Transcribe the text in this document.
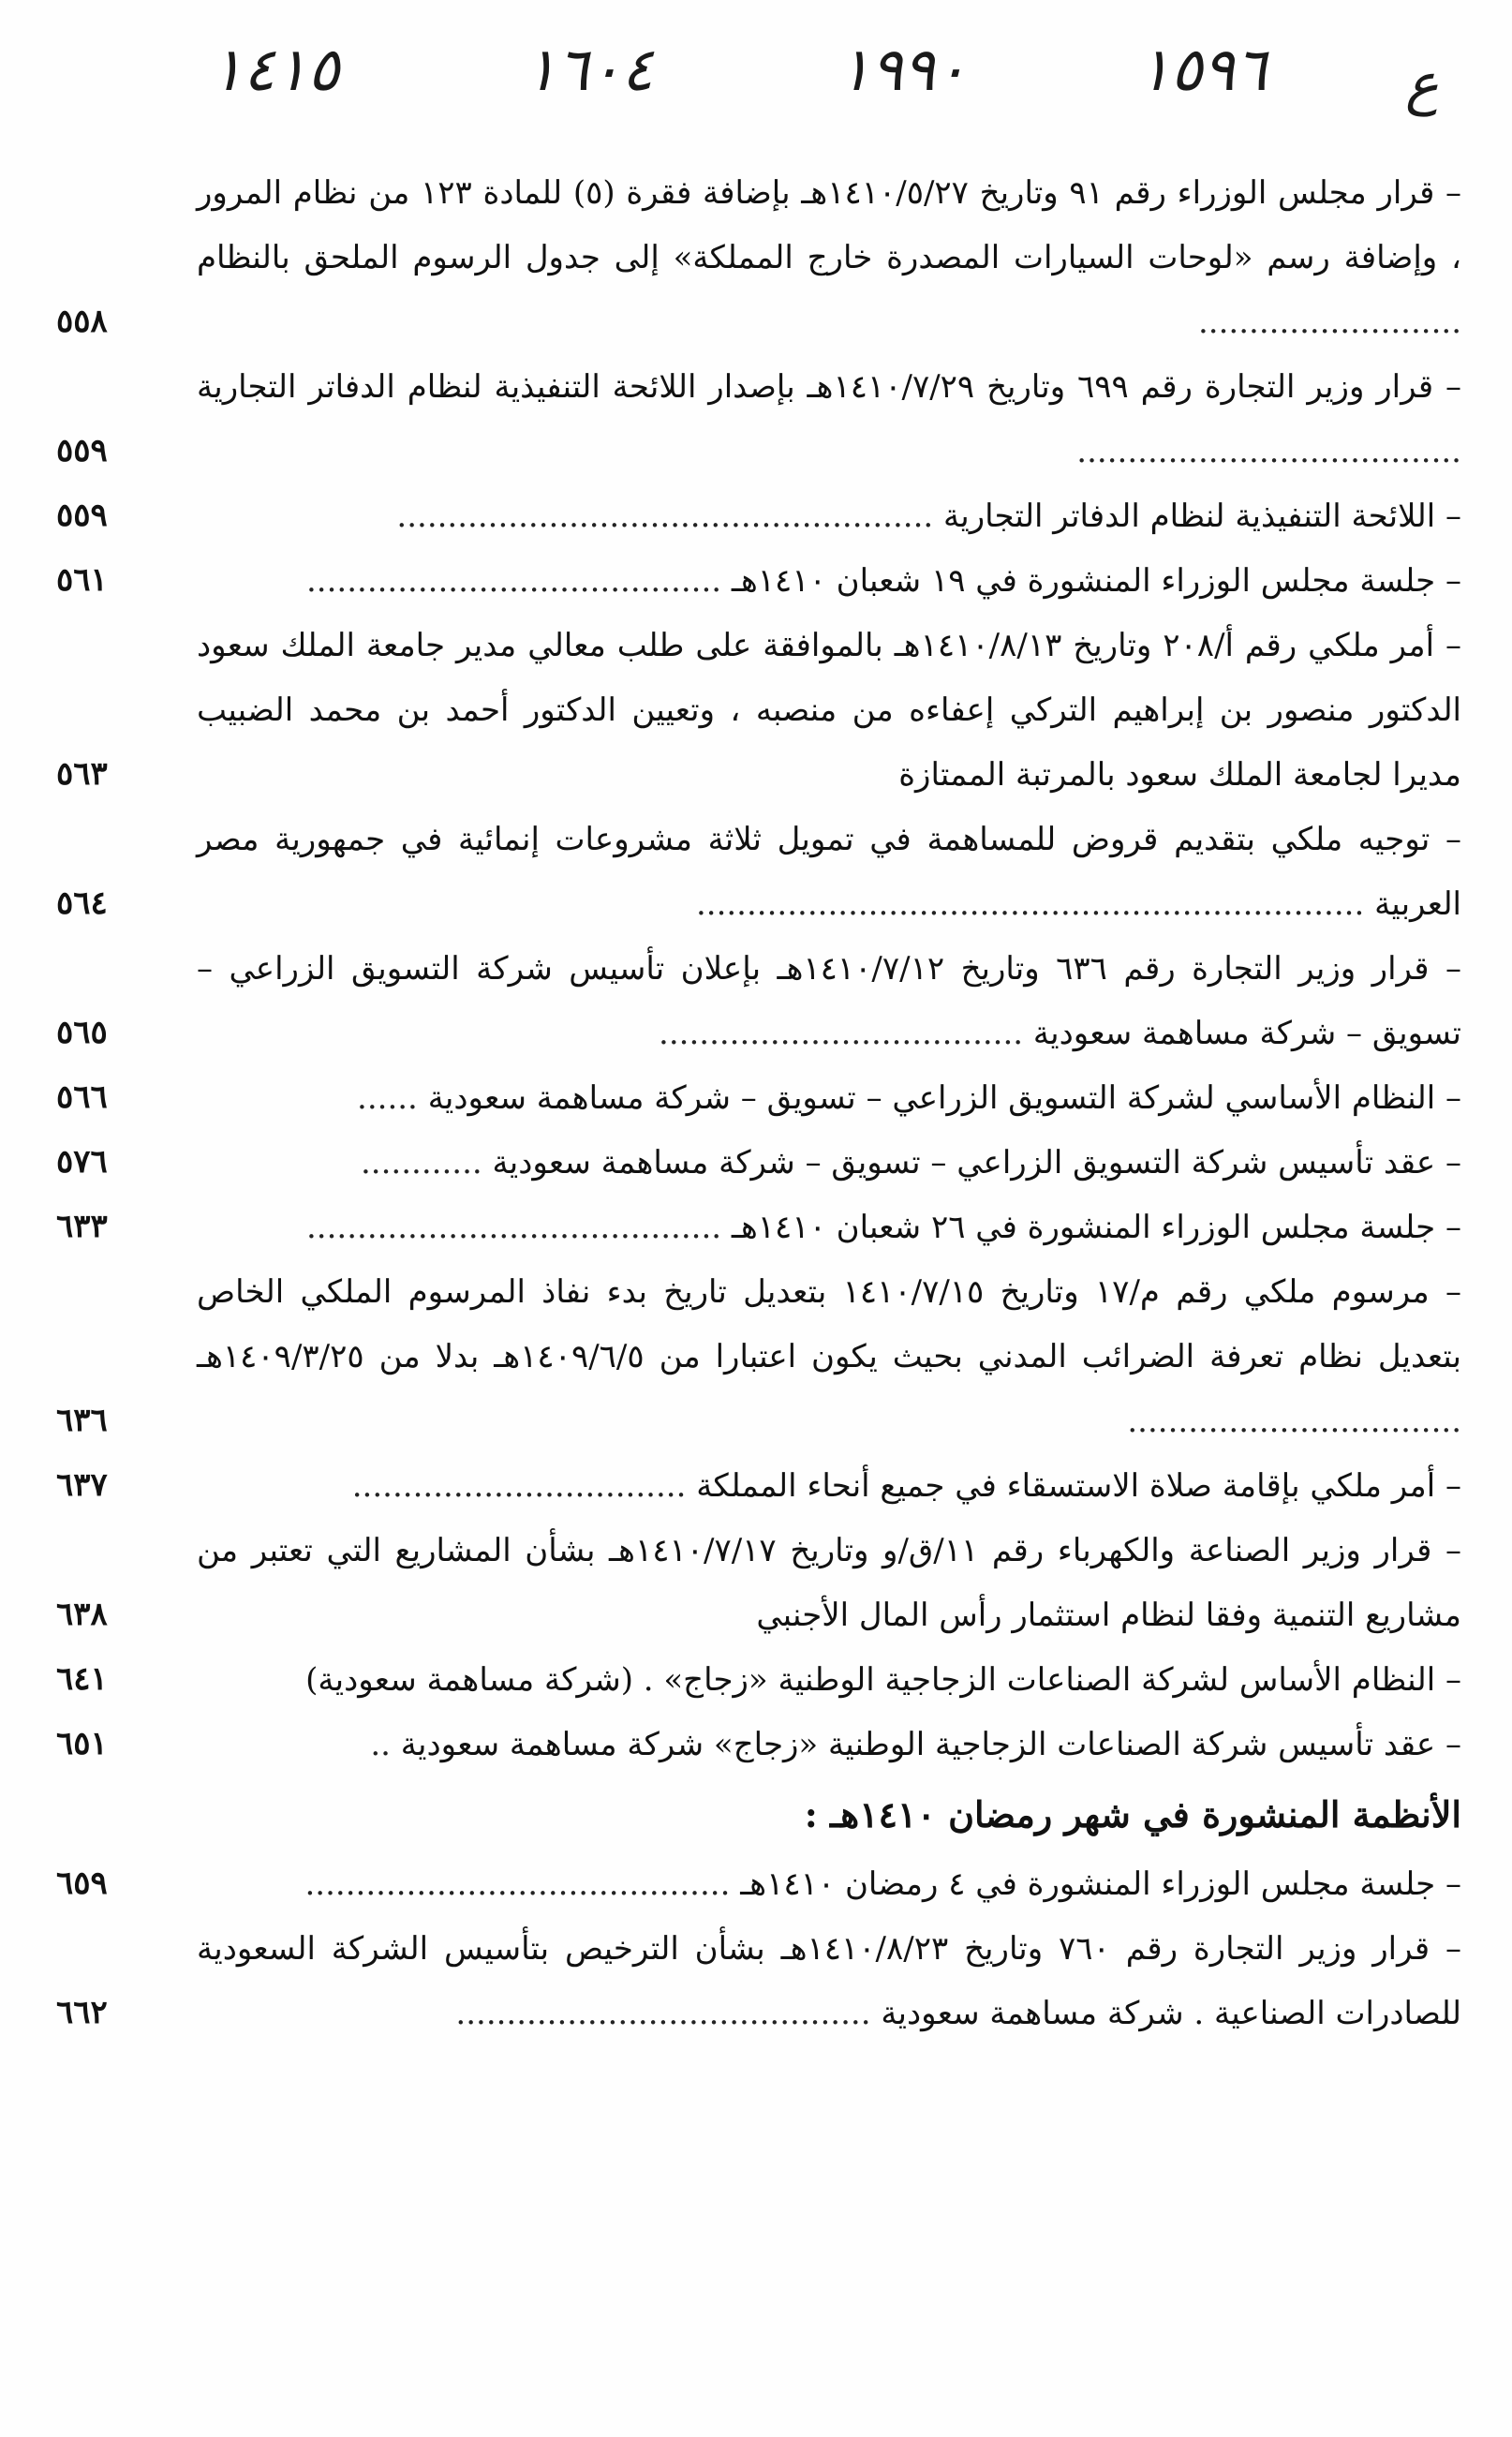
ع
١٥٩٦
١٩٩٠
١٦٠٤
١٤١٥
– قرار مجلس الوزراء رقم ٩١ وتاريخ ١٤١٠/٥/٢٧هـ بإضافة فقرة (٥) للمادة ١٢٣ من نظام المرور ، وإضافة رسم «لوحات السيارات المصدرة خارج المملكة» إلى جدول الرسوم الملحق بالنظام ..........................
٥٥٨
– قرار وزير التجارة رقم ٦٩٩ وتاريخ ١٤١٠/٧/٢٩هـ بإصدار اللائحة التنفيذية لنظام الدفاتر التجارية ......................................
٥٥٩
– اللائحة التنفيذية لنظام الدفاتر التجارية .....................................................
٥٥٩
– جلسة مجلس الوزراء المنشورة في ١٩ شعبان ١٤١٠هـ .........................................
٥٦١
– أمر ملكي رقم أ/٢٠٨ وتاريخ ١٤١٠/٨/١٣هـ بالموافقة على طلب معالي مدير جامعة الملك سعود الدكتور منصور بن إبراهيم التركي إعفاءه من منصبه ، وتعيين الدكتور أحمد بن محمد الضبيب مديرا لجامعة الملك سعود بالمرتبة الممتازة
٥٦٣
– توجيه ملكي بتقديم قروض للمساهمة في تمويل ثلاثة مشروعات إنمائية في جمهورية مصر العربية ..................................................................
٥٦٤
– قرار وزير التجارة رقم ٦٣٦ وتاريخ ١٤١٠/٧/١٢هـ بإعلان تأسيس شركة التسويق الزراعي – تسويق – شركة مساهمة سعودية ....................................
٥٦٥
– النظام الأساسي لشركة التسويق الزراعي – تسويق – شركة مساهمة سعودية ......
٥٦٦
– عقد تأسيس شركة التسويق الزراعي – تسويق – شركة مساهمة سعودية ............
٥٧٦
– جلسة مجلس الوزراء المنشورة في ٢٦ شعبان ١٤١٠هـ .........................................
٦٣٣
– مرسوم ملكي رقم م/١٧ وتاريخ ١٤١٠/٧/١٥ بتعديل تاريخ بدء نفاذ المرسوم الملكي الخاص بتعديل نظام تعرفة الضرائب المدني بحيث يكون اعتبارا من ١٤٠٩/٦/٥هـ بدلا من ١٤٠٩/٣/٢٥هـ .................................
٦٣٦
– أمر ملكي بإقامة صلاة الاستسقاء في جميع أنحاء المملكة .................................
٦٣٧
– قرار وزير الصناعة والكهرباء رقم ١١/ق/و وتاريخ ١٤١٠/٧/١٧هـ بشأن المشاريع التي تعتبر من مشاريع التنمية وفقا لنظام استثمار رأس المال الأجنبي
٦٣٨
– النظام الأساس لشركة الصناعات الزجاجية الوطنية «زجاج» . (شركة مساهمة سعودية)
٦٤١
– عقد تأسيس شركة الصناعات الزجاجية الوطنية «زجاج» شركة مساهمة سعودية ..
٦٥١
الأنظمة المنشورة في شهر رمضان ١٤١٠هـ :
– جلسة مجلس الوزراء المنشورة في ٤ رمضان ١٤١٠هـ ..........................................
٦٥٩
– قرار وزير التجارة رقم ٧٦٠ وتاريخ ١٤١٠/٨/٢٣هـ بشأن الترخيص بتأسيس الشركة السعودية للصادرات الصناعية . شركة مساهمة سعودية .........................................
٦٦٢
